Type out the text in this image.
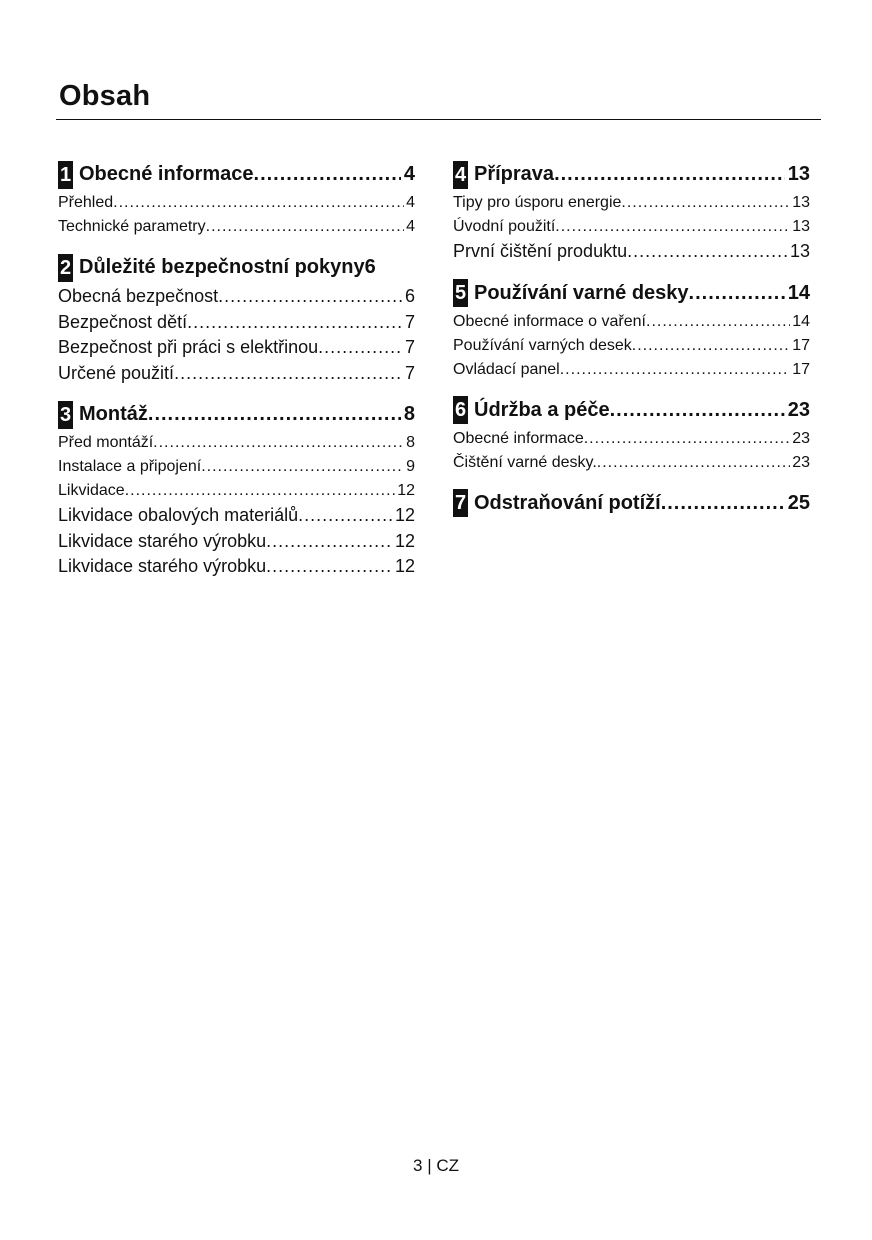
Obsah
1 Obecné informace .....	4
Přehled .....	4
Technické parametry .....	4
2 Důležité bezpečnostní pokyny 6
Obecná bezpečnost .....	6
Bezpečnost dětí .....	7
Bezpečnost při práci s elektřinou .....	7
Určené použití .....	7
3 Montáž .....	8
Před montáží .....	8
Instalace a připojení .....	9
Likvidace .....	12
Likvidace obalových materiálů .....	12
Likvidace starého výrobku .....	12
Likvidace starého výrobku .....	12
4 Příprava .....	13
Tipy pro úsporu energie .....	13
Úvodní použití .....	13
První čištění produktu .....	13
5 Používání varné desky .....	14
Obecné informace o vaření .....	14
Používání varných desek .....	17
Ovládací panel .....	17
6 Údržba a péče .....	23
Obecné informace .....	23
Čištění varné desky. .....	23
7 Odstraňování potíží .....	25
3 | CZ
